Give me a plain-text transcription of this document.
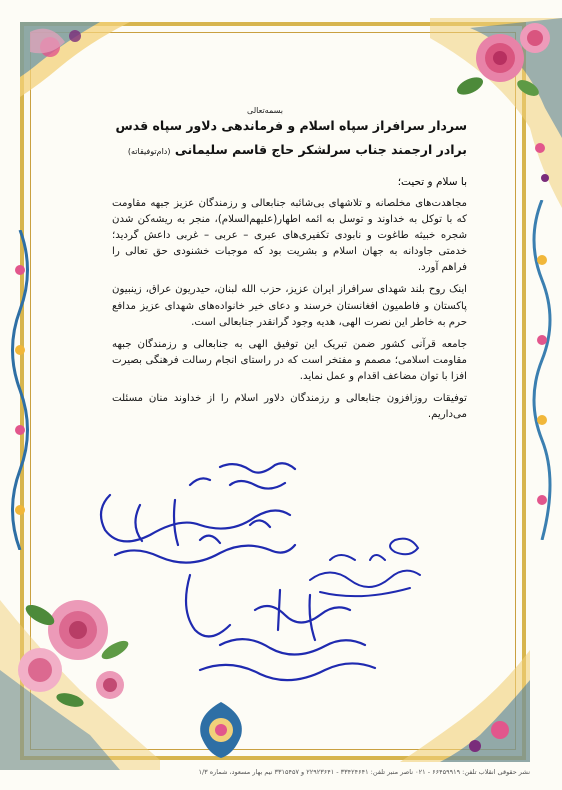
بسمه‌تعالی
سردار سرافراز سپاه اسلام و فرماندهی دلاور سپاه قدس
برادر ارجمند جناب سرلشکر حاج قاسم سلیمانی (دام‌توفیقاته)
با سلام و تحیت؛

مجاهدت‌های مخلصانه و تلاشهای بی‌شائبه جنابعالی و رزمندگان عزیز جبهه مقاومت که با توکل به خداوند و توسل به ائمه اطهار(علیهم‌السلام)، منجر به ریشه‌کن شدن شجره خبیثه طاغوت و نابودی تکفیری‌های عبری – عربی – غربی داعش گردید؛ خدمتی جاودانه به جهان اسلام و بشریت بود که موجبات خشنودی حق تعالی را فراهم آورد.

اینک روح بلند شهدای سرافراز ایران عزیز، حزب الله لبنان، حیدریون عراق، زینبیون پاکستان و فاطمیون افغانستان خرسند و دعای خیر خانواده‌های شهدای عزیز مدافع حرم به خاطر این نصرت الهی، هدیه وجود گرانقدر جنابعالی است.

جامعه قرآنی کشور ضمن تبریک این توفیق الهی به جنابعالی و رزمندگان جبهه مقاومت اسلامی؛ مصمم و مفتخر است که در راستای انجام رسالت فرهنگی بصیرت افزا با توان مضاعف اقدام و عمل نماید.

توفیقات روزافزون جنابعالی و رزمندگان دلاور اسلام را از خداوند منان مسئلت می‌داریم.

نشر حقوقی انقلاب تلفن: ۶۶۴۵۹۹۱۹ - ۰۲۱ ناصر منبر تلفن: ۳۳۴۲۴۶۴۱ - ۲۲۹۲۳۶۴۱ و ۳۳۱۵۴۵۷ نیم بهار مسعود، شماره ۱/۳
